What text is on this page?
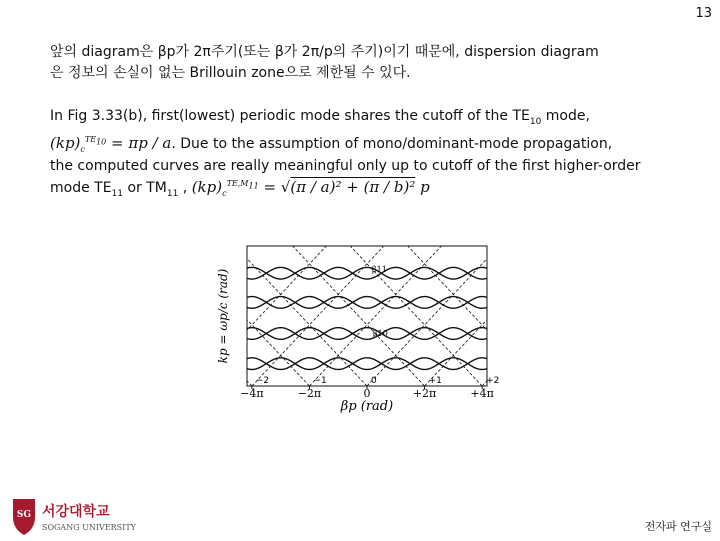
13
앞의 diagram은 βp가 2π주기(또는 β가 2π/p의 주기)이기 때문에, dispersion diagram
은 정보의 손실이 없는 Brillouin zone으로 제한될 수 있다.
In Fig 3.33(b), first(lowest) periodic mode shares the cutoff of the $TE_{10}$ mode,
$(kp)_c^{TE_{10}} = \pi p / a$. Due to the assumption of mono/dominant-mode propagation,
the computed curves are really meaningful only up to cutoff of the first higher-order
mode $TE_{11}$ or $TM_{11}$ , $(kp)_c^{TE,M_{11}} = √(\pi / a)^2 + (\pi / b)^2$ p
kp = ωp/c (rad)
−4π	−2π	0	+2π	+4π
−2	−1	0	+1	+2
βp (rad)
β11
β10
SG 서강대학교
SOGANG UNIVERSITY	전자파 연구실
